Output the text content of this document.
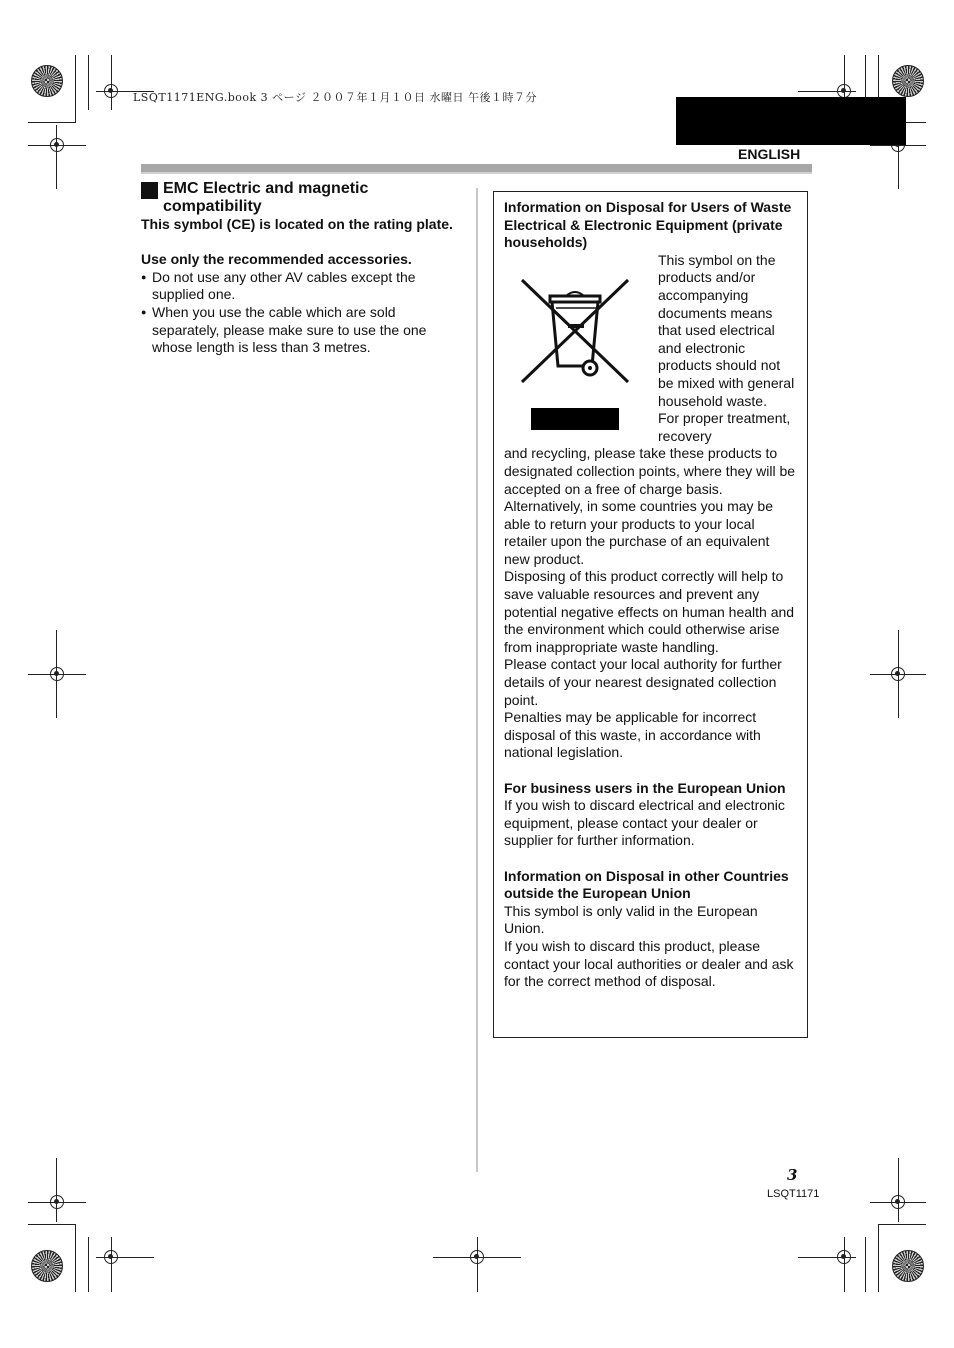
LSQT1171ENG.book 3 ページ ２００７年１月１０日 水曜日 午後１時７分
ENGLISH
EMC Electric and magnetic compatibility
This symbol (CE) is located on the rating plate.
Use only the recommended accessories.
● Do not use any other AV cables except the supplied one.
● When you use the cable which are sold separately, please make sure to use the one whose length is less than 3 metres.
Information on Disposal for Users of Waste Electrical & Electronic Equipment (private households)
This symbol on the products and/or accompanying documents means that used electrical and electronic products should not be mixed with general household waste.
For proper treatment, recovery
and recycling, please take these products to designated collection points, where they will be accepted on a free of charge basis. Alternatively, in some countries you may be able to return your products to your local retailer upon the purchase of an equivalent new product.
Disposing of this product correctly will help to save valuable resources and prevent any potential negative effects on human health and the environment which could otherwise arise from inappropriate waste handling.
Please contact your local authority for further details of your nearest designated collection point.
Penalties may be applicable for incorrect disposal of this waste, in accordance with national legislation.
For business users in the European Union
If you wish to discard electrical and electronic equipment, please contact your dealer or supplier for further information.
Information on Disposal in other Countries outside the European Union
This symbol is only valid in the European Union.
If you wish to discard this product, please contact your local authorities or dealer and ask for the correct method of disposal.
3
LSQT1171
